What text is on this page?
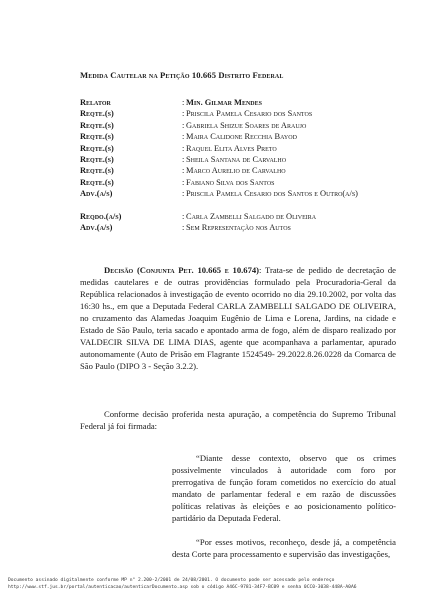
Medida Cautelar na Petição 10.665 Distrito Federal
Relator	: Min. Gilmar Mendes
Reqte.(s)	: Priscila Pamela Cesario dos Santos
Reqte.(s)	: Gabriela Shizue Soares de Araujo
Reqte.(s)	: Maira Calidone Recchia Bayod
Reqte.(s)	: Raquel Elita Alves Preto
Reqte.(s)	: Sheila Santana de Carvalho
Reqte.(s)	: Marco Aurelio de Carvalho
Reqte.(s)	: Fabiano Silva dos Santos
Adv.(a/s)	: Priscila Pamela Cesario dos Santos e Outro(a/s)
Reqdo.(a/s)	: Carla Zambelli Salgado de Oliveira
Adv.(a/s)	: Sem Representação nos Autos
Decisão (Conjunta Pet. 10.665 e 10.674): Trata-se de pedido de decretação de medidas cautelares e de outras providências formulado pela Procuradoria-Geral da República relacionados à investigação de evento ocorrido no dia 29.10.2002, por volta das 16:30 hs., em que a Deputada Federal CARLA ZAMBELLI SALGADO DE OLIVEIRA, no cruzamento das Alamedas Joaquim Eugênio de Lima e Lorena, Jardins, na cidade e Estado de São Paulo, teria sacado e apontado arma de fogo, além de disparo realizado por VALDECIR SILVA DE LIMA DIAS, agente que acompanhava a parlamentar, apurado autonomamente (Auto de Prisão em Flagrante 1524549- 29.2022.8.26.0228 da Comarca de São Paulo (DIPO 3 - Seção 3.2.2).
Conforme decisão proferida nesta apuração, a competência do Supremo Tribunal Federal já foi firmada:
“Diante desse contexto, observo que os crimes possivelmente vinculados à autoridade com foro por prerrogativa de função foram cometidos no exercício do atual mandato de parlamentar federal e em razão de discussões políticas relativas às eleições e ao posicionamento político-partidário da Deputada Federal.
“Por esses motivos, reconheço, desde já, a competência desta Corte para processamento e supervisão das investigações,
Documento assinado digitalmente conforme MP n° 2.200-2/2001 de 24/08/2001. O documento pode ser acessado pelo endereço
http://www.stf.jus.br/portal/autenticacao/autenticarDocumento.asp sob o código A46C-9781-34F7-BC09 e senha 0CC0-3038-448A-A0A6
